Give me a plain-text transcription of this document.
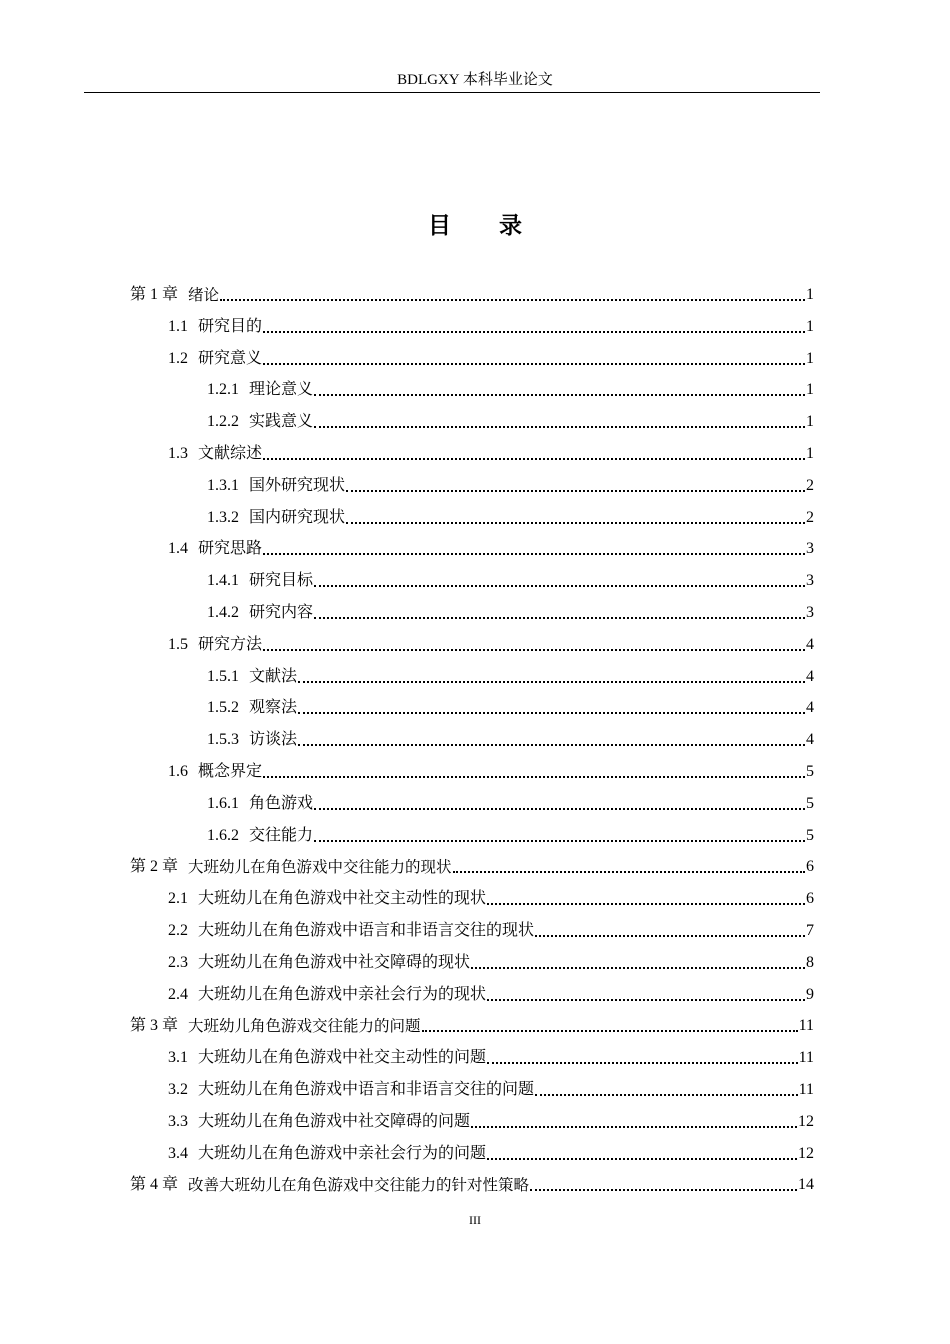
BDLGXY 本科毕业论文
目 录
第 1 章 绪论	1
1.1 研究目的	1
1.2 研究意义	1
1.2.1 理论意义	1
1.2.2 实践意义	1
1.3 文献综述	1
1.3.1 国外研究现状	2
1.3.2 国内研究现状	2
1.4 研究思路	3
1.4.1 研究目标	3
1.4.2 研究内容	3
1.5 研究方法	4
1.5.1 文献法	4
1.5.2 观察法	4
1.5.3 访谈法	4
1.6 概念界定	5
1.6.1 角色游戏	5
1.6.2 交往能力	5
第 2 章 大班幼儿在角色游戏中交往能力的现状	6
2.1 大班幼儿在角色游戏中社交主动性的现状	6
2.2 大班幼儿在角色游戏中语言和非语言交往的现状	7
2.3 大班幼儿在角色游戏中社交障碍的现状	8
2.4 大班幼儿在角色游戏中亲社会行为的现状	9
第 3 章 大班幼儿角色游戏交往能力的问题	11
3.1 大班幼儿在角色游戏中社交主动性的问题	11
3.2 大班幼儿在角色游戏中语言和非语言交往的问题	11
3.3 大班幼儿在角色游戏中社交障碍的问题	12
3.4 大班幼儿在角色游戏中亲社会行为的问题	12
第 4 章 改善大班幼儿在角色游戏中交往能力的针对性策略	14
III
